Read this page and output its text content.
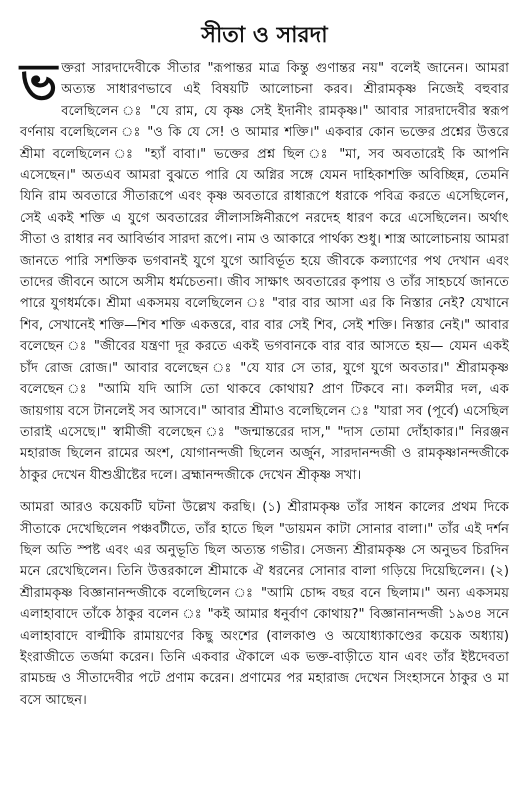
সীতা ও সারদা

ভক্তরা সারদাদেবীকে সীতার "রূপান্তর মাত্র কিন্তু গুণান্তর নয়" বলেই জানেন। আমরা অত্যন্ত সাধারণভাবে এই বিষয়টি আলোচনা করব। শ্রীরামকৃষ্ণ নিজেই বহুবার বলেছিলেন ঃ "যে রাম, যে কৃষ্ণ সেই ইদানীং রামকৃষ্ণ।" আবার সারদাদেবীর স্বরূপ বর্ণনায় বলেছিলেন ঃ "ও কি যে সে! ও আমার শক্তি।" একবার কোন ভক্তের প্রশ্নের উত্তরে শ্রীমা বলেছিলেন ঃ "হ্যাঁ বাবা।" ভক্তের প্রশ্ন ছিল ঃ "মা, সব অবতারেই কি আপনি এসেছেন।" অতএব আমরা বুঝতে পারি যে অগ্নির সঙ্গে যেমন দাহিকাশক্তি অবিচ্ছিন্ন, তেমনি যিনি রাম অবতারে সীতারূপে এবং কৃষ্ণ অবতারে রাধারূপে ধরাকে পবিত্র করতে এসেছিলেন, সেই একই শক্তি এ যুগে অবতারের লীলাসঙ্গিনীরূপে নরদেহ ধারণ করে এসেছিলেন। অর্থাৎ সীতা ও রাধার নব আবির্ভাব সারদা রূপে। নাম ও আকারে পার্থক্য শুধু। শাস্ত্র আলোচনায় আমরা জানতে পারি সশক্তিক ভগবানই যুগে যুগে আবির্ভূত হয়ে জীবকে কল্যাণের পথ দেখান এবং তাদের জীবনে আসে অসীম ধর্মচেতনা। জীব সাক্ষাৎ অবতারের কৃপায় ও তাঁর সাহচর্যে জানতে পারে যুগধর্মকে। শ্রীমা একসময় বলেছিলেন ঃ "বার বার আসা এর কি নিস্তার নেই? যেখানে শিব, সেখানেই শক্তি—শিব শক্তি একত্তরে, বার বার সেই শিব, সেই শক্তি। নিস্তার নেই।" আবার বলেছেন ঃ "জীবের যন্ত্রণা দূর করতে একই ভগবানকে বার বার আসতে হয়— যেমন একই চাঁদ রোজ রোজ।" আবার বলেছেন ঃ "যে যার সে তার, যুগে যুগে অবতার।" শ্রীরামকৃষ্ণ বলেছেন ঃ "আমি যদি আসি তো থাকবে কোথায়? প্রাণ টিকবে না। কলমীর দল, এক জায়গায় বসে টানলেই সব আসবে।" আবার শ্রীমাও বলেছিলেন ঃ "যারা সব (পূর্বে) এসেছিল তারাই এসেছে।" স্বামীজী বলেছেন ঃ "জন্মান্তরের দাস," "দাস তোমা দোঁহাকার।" নিরঞ্জন মহারাজ ছিলেন রামের অংশ, যোগানন্দজী ছিলেন অর্জুন, সারদানন্দজী ও রামকৃষ্ণানন্দজীকে ঠাকুর দেখেন যীশুখ্রীষ্টের দলে। ব্রহ্মানন্দজীকে দেখেন শ্রীকৃষ্ণ সখা।

আমরা আরও কয়েকটি ঘটনা উল্লেখ করছি। (১) শ্রীরামকৃষ্ণ তাঁর সাধন কালের প্রথম দিকে সীতাকে দেখেছিলেন পঞ্চবটীতে, তাঁর হাতে ছিল "ডায়মন কাটা সোনার বালা।" তাঁর এই দর্শন ছিল অতি স্পষ্ট এবং এর অনুভূতি ছিল অত্যন্ত গভীর। সেজন্য শ্রীরামকৃষ্ণ সে অনুভব চিরদিন মনে রেখেছিলেন। তিনি উত্তরকালে শ্রীমাকে ঐ ধরনের সোনার বালা গড়িয়ে দিয়েছিলেন। (২) শ্রীরামকৃষ্ণ বিজ্ঞানানন্দজীকে বলেছিলেন ঃ "আমি চোদ্দ বছর বনে ছিলাম।" অন্য একসময় এলাহাবাদে তাঁকে ঠাকুর বলেন ঃ "কই আমার ধনুর্বাণ কোথায়?" বিজ্ঞানানন্দজী ১৯৩৪ সনে এলাহাবাদে বাল্মীকি রামায়ণের কিছু অংশের (বালকাণ্ড ও অযোধ্যাকাণ্ডের কয়েক অধ্যায়) ইংরাজীতে তর্জমা করেন। তিনি একবার ঐকালে এক ভক্ত-বাড়ীতে যান এবং তাঁর ইষ্টদেবতা রামচন্দ্র ও সীতাদেবীর পটে প্রণাম করেন। প্রণামের পর মহারাজ দেখেন সিংহাসনে ঠাকুর ও মা বসে আছেন।
